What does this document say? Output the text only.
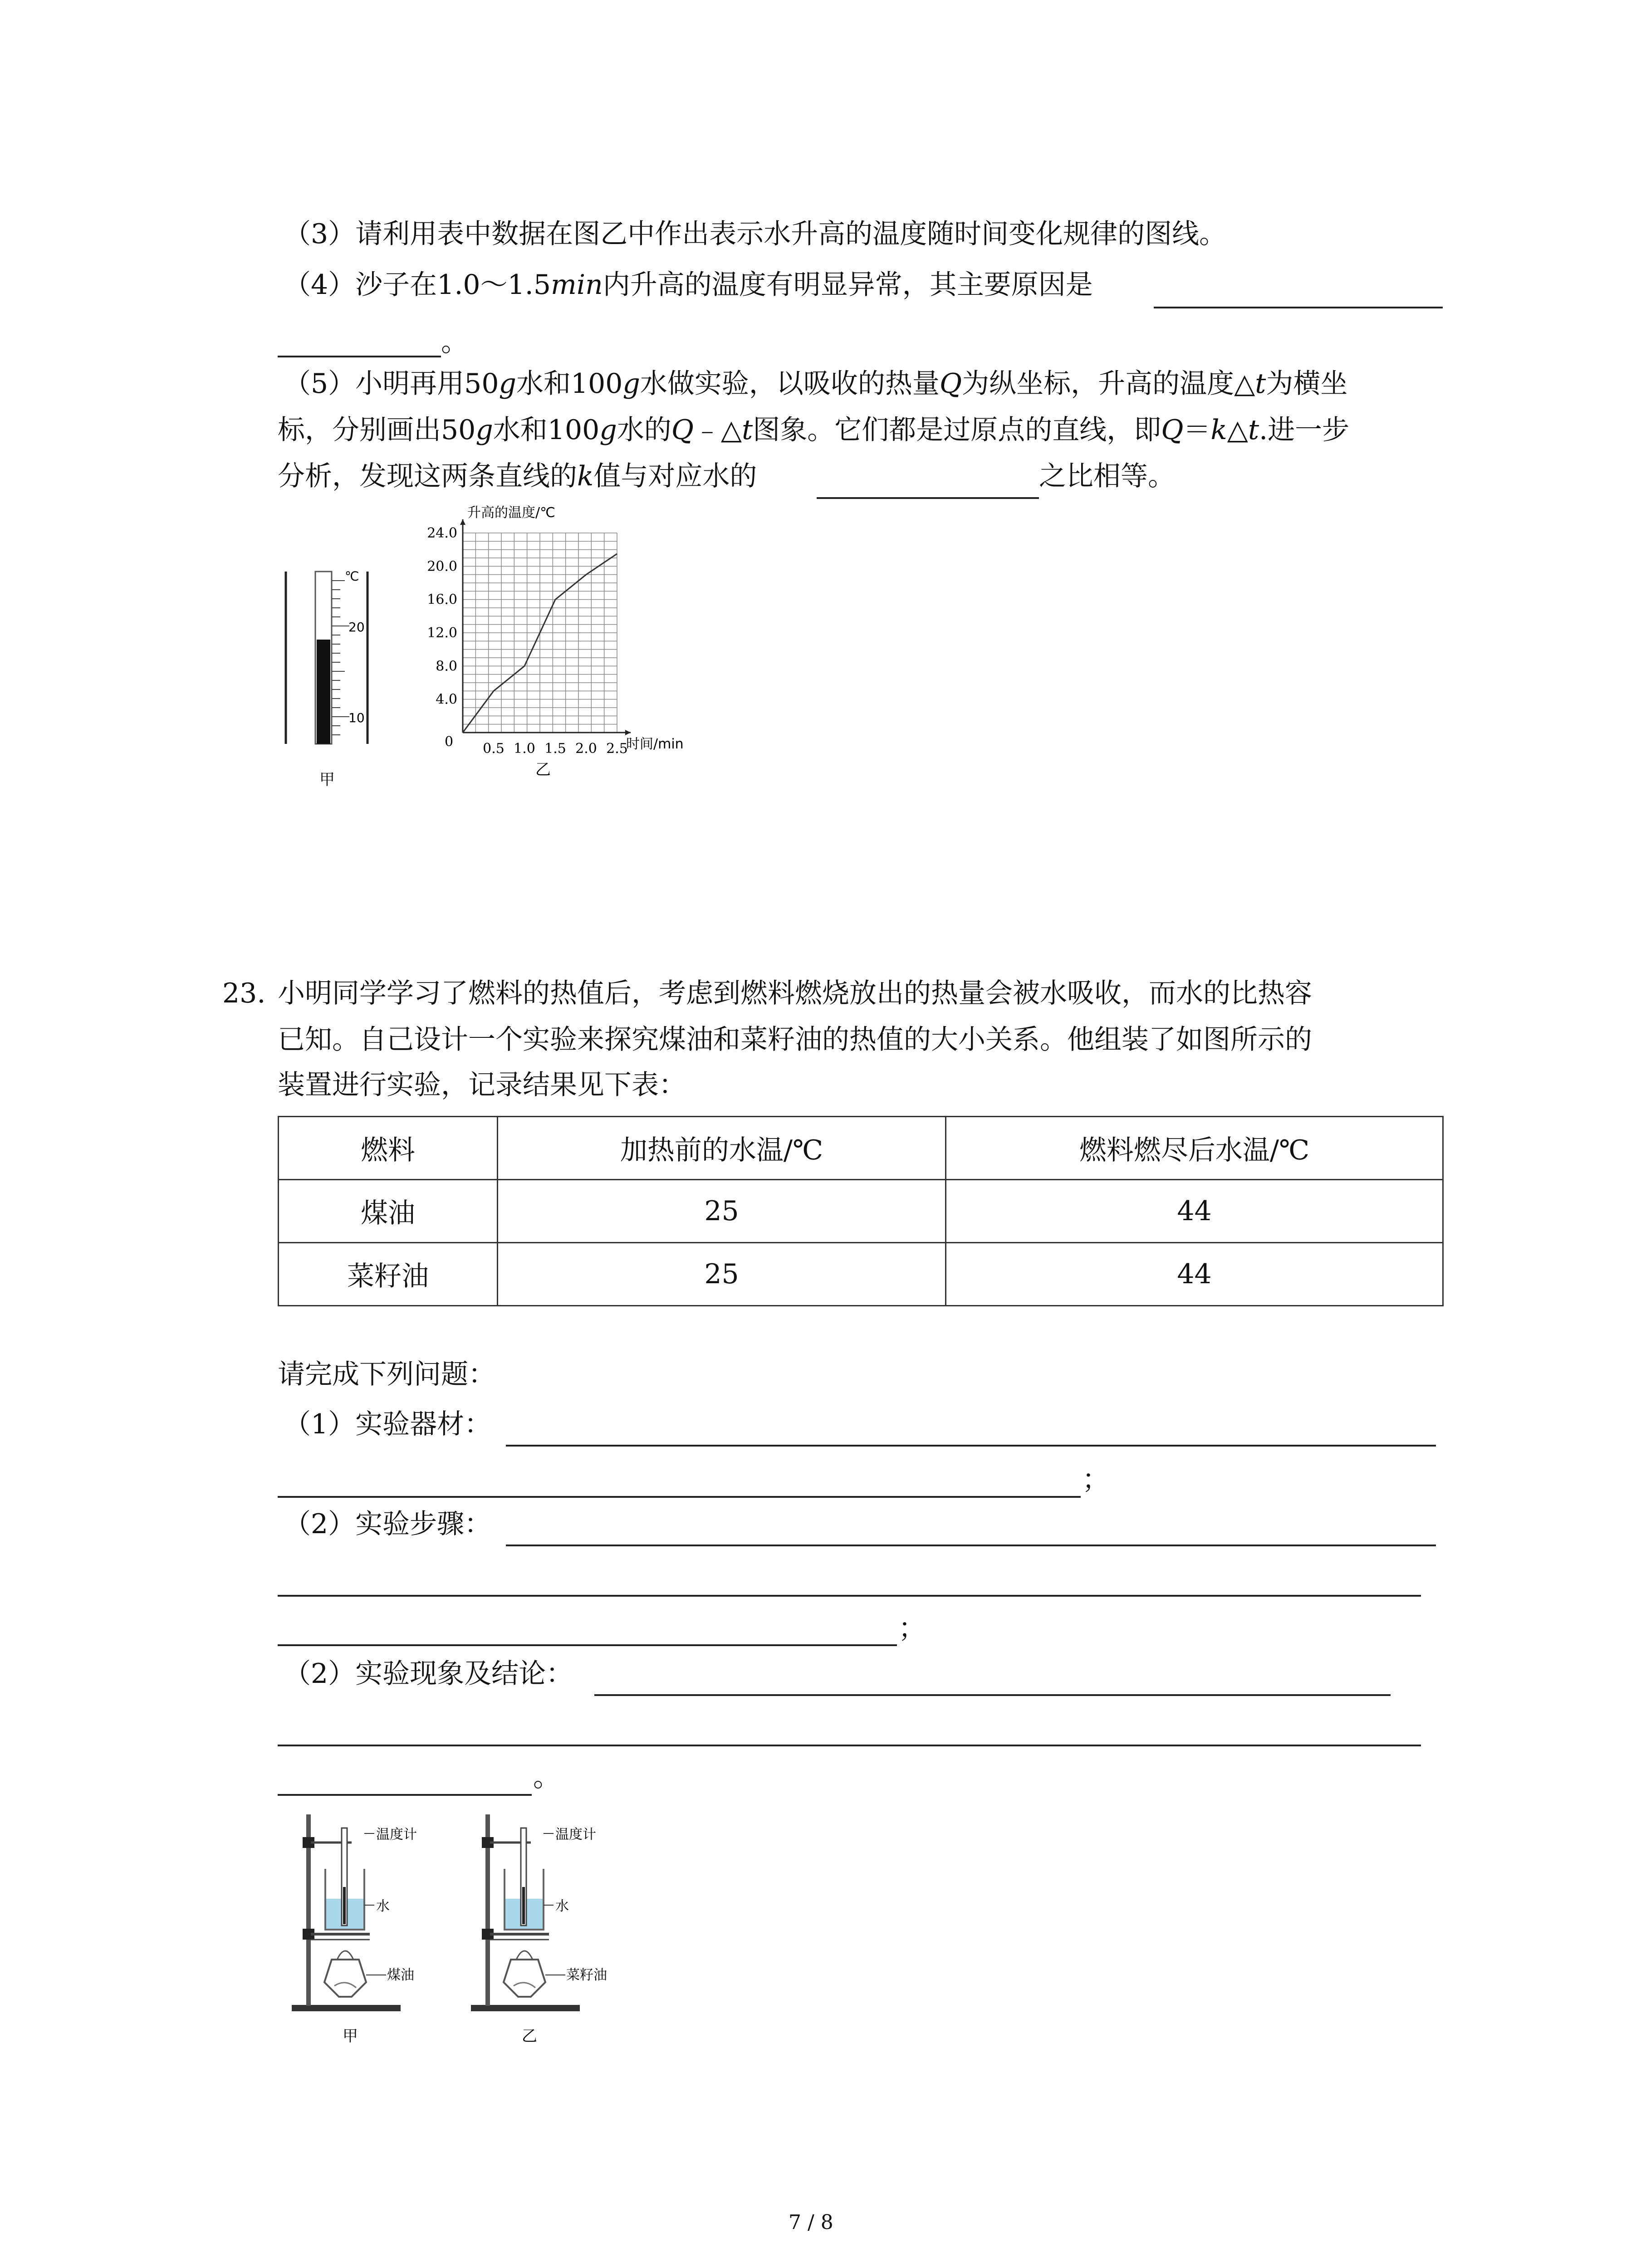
（3）请利用表中数据在图乙中作出表示水升高的温度随时间变化规律的图线。
（4）沙子在1.0～1.5min内升高的温度有明显异常，其主要原因是
。
（5）小明再用50g水和100g水做实验，以吸收的热量Q为纵坐标，升高的温度△t为横坐
标，分别画出50g水和100g水的Q﹣△t图象。它们都是过原点的直线，即Q＝k△t.进一步
分析，发现这两条直线的k值与对应水的	之比相等。
℃
20
10
甲
0.5 1.0 1.5 2.0 2.5
4.0
8.0
12.0
16.0
20.0
24.0
升高的温度/℃
时间/min
0
乙
23. 小明同学学习了燃料的热值后，考虑到燃料燃烧放出的热量会被水吸收，而水的比热容
已知。自己设计一个实验来探究煤油和菜籽油的热值的大小关系。他组装了如图所示的
装置进行实验，记录结果见下表：
燃料	加热前的水温/℃	燃料燃尽后水温/℃
煤油	25	44
菜籽油	25	44
请完成下列问题：
（1）实验器材：
；
（2）实验步骤：
；
（2）实验现象及结论：
。
温度计
水
煤油
甲
温度计
水
菜籽油
乙
7 / 8
